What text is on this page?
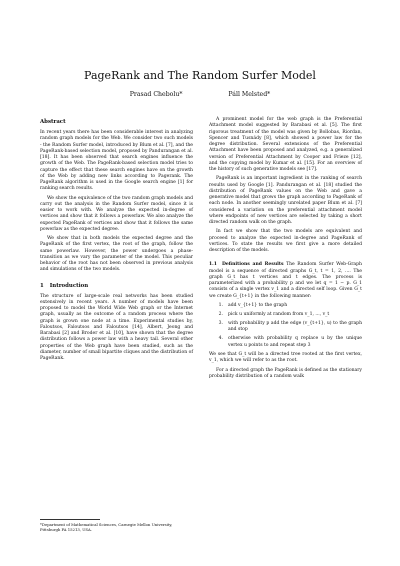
PageRank and The Random Surfer Model
Prasad Chebolu*	Páll Melsted*
Abstract

In recent years there has been considerable interest in analyzing random graph models for the Web. We consider two such models - the Random Surfer model, introduced by Blum et al. [7], and the PageRank-based selection model, proposed by Pandurangan et al. [18]. It has been observed that search engines influence the growth of the Web. The PageRank-based selection model tries to capture the effect that these search engines have on the growth of the Web by adding new links according to Pagerank. The PageRank algorithm is used in the Google search engine [1] for ranking search results.

We show the equivalence of the two random graph models and carry out the analysis in the Random Surfer model, since it is easier to work with. We analyze the expected in-degree of vertices and show that it follows a powerlaw. We also analyze the expected PageRank of vertices and show that it follows the same powerlaw as the expected degree.

We show that in both models the expected degree and the PageRank of the first vertex, the root of the graph, follow the same powerlaw. However, the power undergoes a phase-transition as we vary the parameter of the model. This peculiar behavior of the root has not been observed in previous analysis and simulations of the two models.

1 Introduction

The structure of large-scale real networks has been studied extensively in recent years. A number of models have been proposed to model the World Wide Web graph or the Internet graph, usually as the outcome of a random process where the graph is grown one node at a time. Experimental studies by, Faloutsos, Faloutsos and Faloutsos [14], Albert, Jeong and Barabasi [2] and Broder et al. [10], have shown that the degree distribution follows a power law with a heavy tail. Several other properties of the Web graph have been studied, such as the diameter, number of small bipartite cliques and the distribution of PageRank.

A prominent model for the web graph is the Preferential Attachment model suggested by Barabasi et al. [5]. The first rigorous treatment of the model was given by Bollobas, Riordan, Spencer and Tusnády [8], which showed a power law for the degree distribution. Several extensions of the Preferential Attachment have been proposed and analyzed, e.g. a generalized version of Preferential Attachment by Cooper and Frieze [12], and the copying model by Kumar et al. [15]. For an overview of the history of such generative models see [17].

PageRank is an important ingredient in the ranking of search results used by Google [1]. Pandurangan et al. [18] studied the distribution of PageRank values on the Web and gave a generative model that grows the graph according to PageRank of each node. In another seemingly unrelated paper Blum et al. [7] considered a variation on the preferential attachment model where endpoints of new vertices are selected by taking a short directed random walk on the graph.

In fact we show that the two models are equivalent and proceed to analyze the expected in-degree and PageRank of vertices. To state the results we first give a more detailed description of the models.

1.1 Definitions and Results The Random Surfer Web-Graph model is a sequence of directed graphs G_t, t = 1, 2, .... The graph G_t has t vertices and t edges. The process is parameterized with a probability p and we let q = 1 − p. G_1 consists of a single vertex v_1 and a directed self loop. Given G_t we create G_{t+1} in the following manner:

1.	add v_{t+1} to the graph
2.	pick u uniformly at random from v_1, ..., v_t
3.	with probability p add the edge (v_{t+1}, u) to the graph and stop
4.	otherwise with probability q replace u by the unique vertex u points to and repeat step 3

We see that G_t will be a directed tree rooted at the first vertex, v_1, which we will refer to as the root.

For a directed graph the PageRank is defined as the stationary probability distribution of a random walk

*Department of Mathematical Sciences, Carnegie Mellon University, Pittsburgh PA 15213, USA.
